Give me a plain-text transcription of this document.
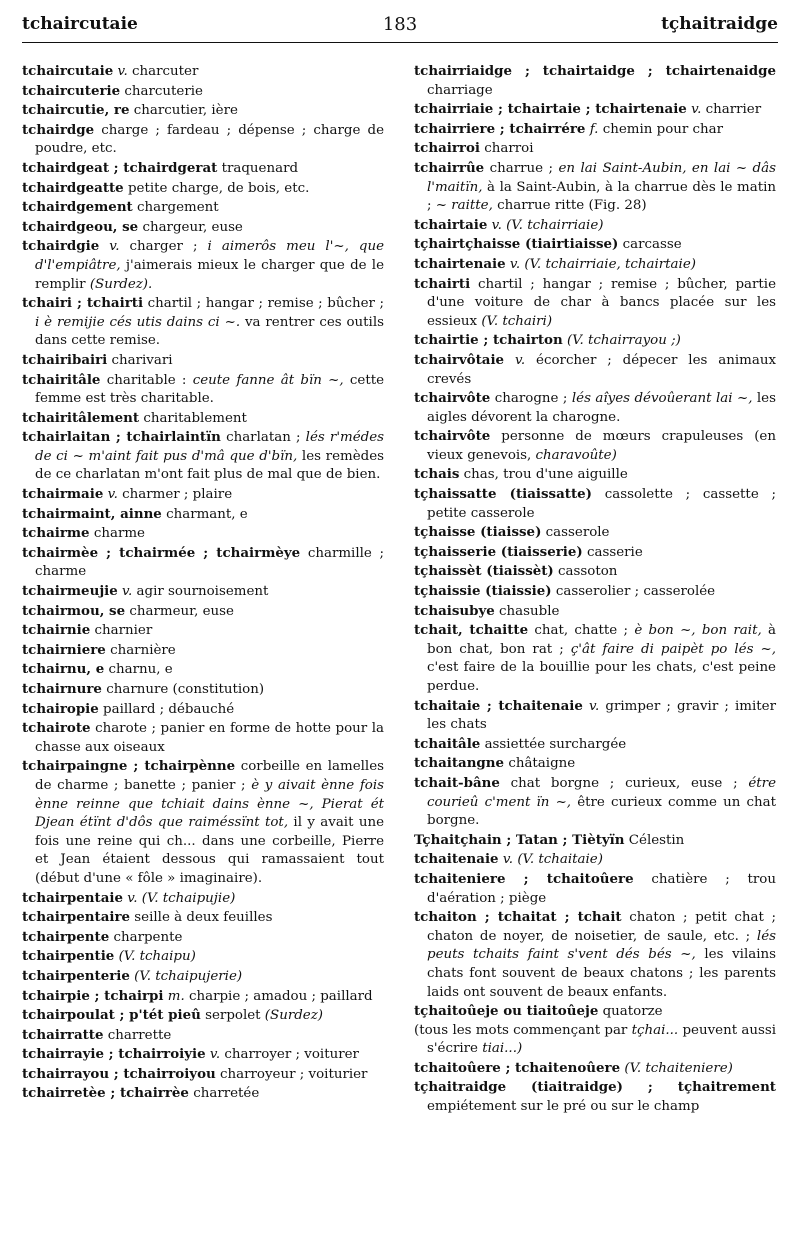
tchaircutaie	183	tçhaitraidge

tchaircutaie v. charcuter

tchaircuterie charcuterie

tchaircutie, re charcutier, ière

tchairdge charge ; fardeau ; dépense ; charge de poudre, etc.

tchairdgeat ; tchairdgerat traquenard

tchairdgeatte petite charge, de bois, etc.

tchairdgement chargement

tchairdgeou, se chargeur, euse

tchairdgie v. charger ; i aimerôs meu l'~, que d'l'empiâtre, j'aimerais mieux le charger que de le remplir (Surdez).

tchairi ; tchairti chartil ; hangar ; remise ; bûcher ; i è remijie cés utis dains ci ~. va rentrer ces outils dans cette remise.

tchairibairi charivari

tchairitâle charitable : ceute fanne ât bïn ~, cette femme est très charitable.

tchairitâlement charitablement

tchairlaitan ; tchairlaintïn charlatan ; lés r'médes de ci ~ m'aint fait pus d'mâ que d'bïn, les remèdes de ce charlatan m'ont fait plus de mal que de bien.

tchairmaie v. charmer ; plaire

tchairmaint, ainne charmant, e

tchairme charme

tchairmèe ; tchairmée ; tchairmèye charmille ; charme

tchairmeujie v. agir sournoisement

tchairmou, se charmeur, euse

tchairnie charnier

tchairniere charnière

tchairnu, e charnu, e

tchairnure charnure (constitution)

tchairopie paillard ; débauché

tchairote charote ; panier en forme de hotte pour la chasse aux oiseaux

tchairpaingne ; tchairpènne corbeille en lamelles de charme ; banette ; panier ; è y aivait ènne fois ènne reinne que tchiait dains ènne ~, Pierat ét Djean étïnt d'dôs que raiméssïnt tot, il y avait une fois une reine qui ch... dans une corbeille, Pierre et Jean étaient dessous qui ramassaient tout (début d'une « fôle » imaginaire).

tchairpentaie v. (V. tchaipujie)

tchairpentaire seille à deux feuilles

tchairpente charpente

tchairpentie (V. tchaipu)

tchairpenterie (V. tchaipujerie)

tchairpie ; tchairpi m. charpie ; amadou ; paillard

tchairpoulat ; p'tét pieû serpolet (Surdez)

tchairratte charrette

tchairrayie ; tchairroiyie v. charroyer ; voiturer

tchairrayou ; tchairroiyou charroyeur ; voiturier

tchairretèe ; tchairrèe charretée

tchairriaidge ; tchairtaidge ; tchairtenaidge charriage

tchairriaie ; tchairtaie ; tchairtenaie v. charrier

tchairriere ; tchairrére f. chemin pour char

tchairroi charroi

tchairrûe charrue ; en lai Saint-Aubin, en lai ~ dâs l'maitïn, à la Saint-Aubin, à la charrue dès le matin ; ~ raitte, charrue ritte (Fig. 28)

tchairtaie v. (V. tchairriaie)

tçhairtçhaisse (tiairtiaisse) carcasse

tchairtenaie v. (V. tchairriaie, tchairtaie)

tchairti chartil ; hangar ; remise ; bûcher, partie d'une voiture de char à bancs placée sur les essieux (V. tchairi)

tchairtie ; tchairton (V. tchairrayou ;)

tchairvôtaie v. écorcher ; dépecer les animaux crevés

tchairvôte charogne ; lés aîyes dévoûerant lai ~, les aigles dévorent la charogne.

tchairvôte personne de mœurs crapuleuses (en vieux genevois, charavoûte)

tchais chas, trou d'une aiguille

tçhaissatte (tiaissatte) cassolette ; cassette ; petite casserole

tçhaisse (tiaisse) casserole

tçhaisserie (tiaisserie) casserie

tçhaissèt (tiaissèt) cassoton

tçhaissie (tiaissie) casserolier ; casserolée

tchaisubye chasuble

tchait, tchaitte chat, chatte ; è bon ~, bon rait, à bon chat, bon rat ; ç'ât faire di paipèt po lés ~, c'est faire de la bouillie pour les chats, c'est peine perdue.

tchaitaie ; tchaitenaie v. grimper ; gravir ; imiter les chats

tchaitâle assiettée surchargée

tchaitangne châtaigne

tchait-bâne chat borgne ; curieux, euse ; étre courieû c'ment ïn ~, être curieux comme un chat borgne.

Tçhaitçhain ; Tatan ; Tiètyïn Célestin

tchaitenaie v. (V. tchaitaie)

tchaiteniere ; tchaitoûere chatière ; trou d'aération ; piège

tchaiton ; tchaitat ; tchait chaton ; petit chat ; chaton de noyer, de noisetier, de saule, etc. ; lés peuts tchaits faint s'vent dés bés ~, les vilains chats font souvent de beaux chatons ; les parents laids ont souvent de beaux enfants.

tçhaitoûeje ou tiaitoûeje quatorze

(tous les mots commençant par tçhai... peuvent aussi s'écrire tiai...)

tchaitoûere ; tchaitenoûere (V. tchaiteniere)

tçhaitraidge (tiaitraidge) ; tçhaitrement empiétement sur le pré ou sur le champ
